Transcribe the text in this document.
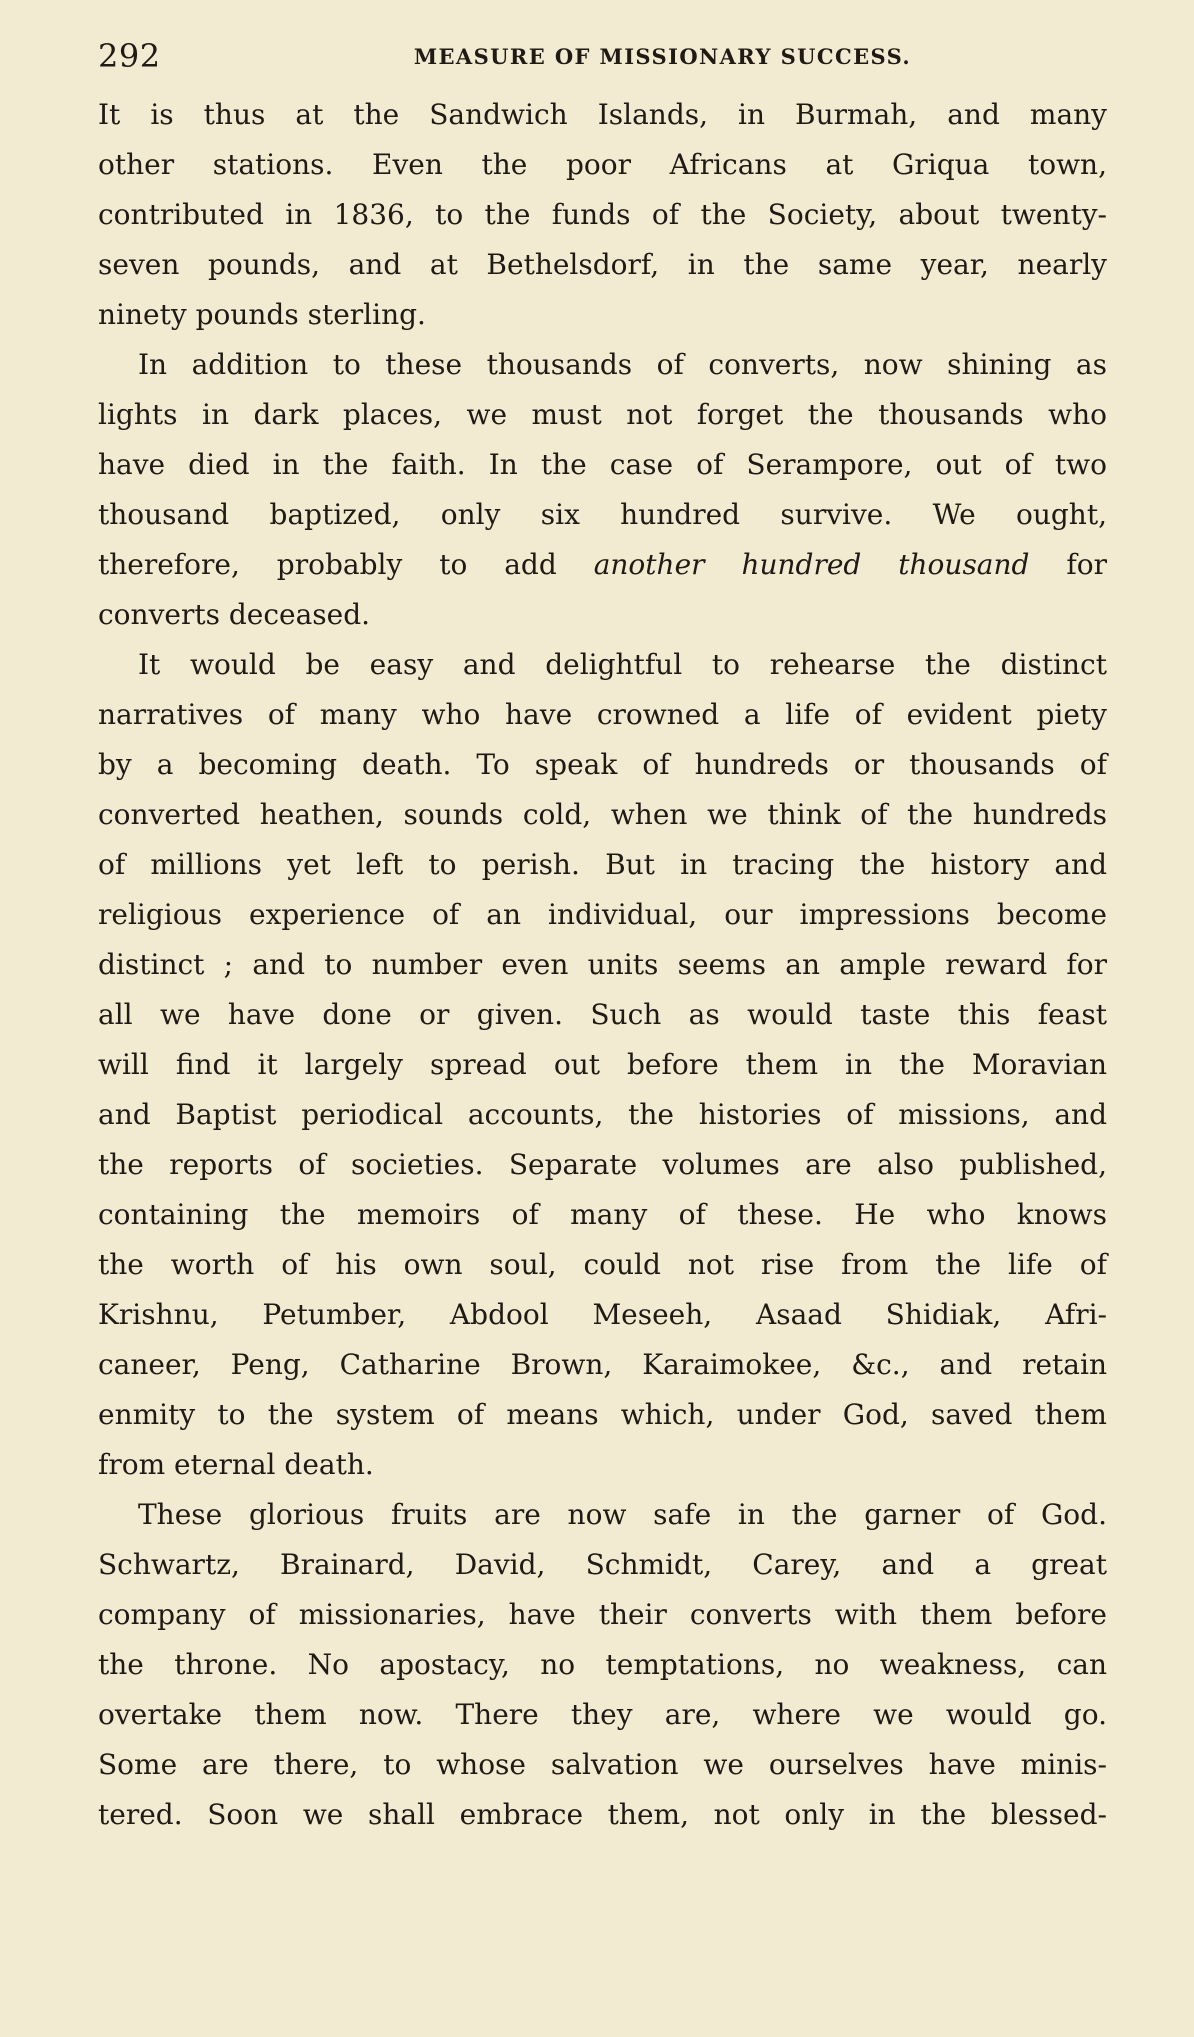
292	MEASURE OF MISSIONARY SUCCESS.
It is thus at the Sandwich Islands, in Burmah, and many
other stations. Even the poor Africans at Griqua town,
contributed in 1836, to the funds of the Society, about twenty-
seven pounds, and at Bethelsdorf, in the same year, nearly
ninety pounds sterling.
In addition to these thousands of converts, now shining as
lights in dark places, we must not forget the thousands who
have died in the faith. In the case of Serampore, out of two
thousand baptized, only six hundred survive. We ought,
therefore, probably to add another hundred thousand for
converts deceased.
It would be easy and delightful to rehearse the distinct
narratives of many who have crowned a life of evident piety
by a becoming death. To speak of hundreds or thousands of
converted heathen, sounds cold, when we think of the hundreds
of millions yet left to perish. But in tracing the history and
religious experience of an individual, our impressions become
distinct ; and to number even units seems an ample reward for
all we have done or given. Such as would taste this feast
will find it largely spread out before them in the Moravian
and Baptist periodical accounts, the histories of missions, and
the reports of societies. Separate volumes are also published,
containing the memoirs of many of these. He who knows
the worth of his own soul, could not rise from the life of
Krishnu, Petumber, Abdool Meseeh, Asaad Shidiak, Afri-
caneer, Peng, Catharine Brown, Karaimokee, &c., and retain
enmity to the system of means which, under God, saved them
from eternal death.
These glorious fruits are now safe in the garner of God.
Schwartz, Brainard, David, Schmidt, Carey, and a great
company of missionaries, have their converts with them before
the throne. No apostacy, no temptations, no weakness, can
overtake them now. There they are, where we would go.
Some are there, to whose salvation we ourselves have minis-
tered. Soon we shall embrace them, not only in the blessed-
